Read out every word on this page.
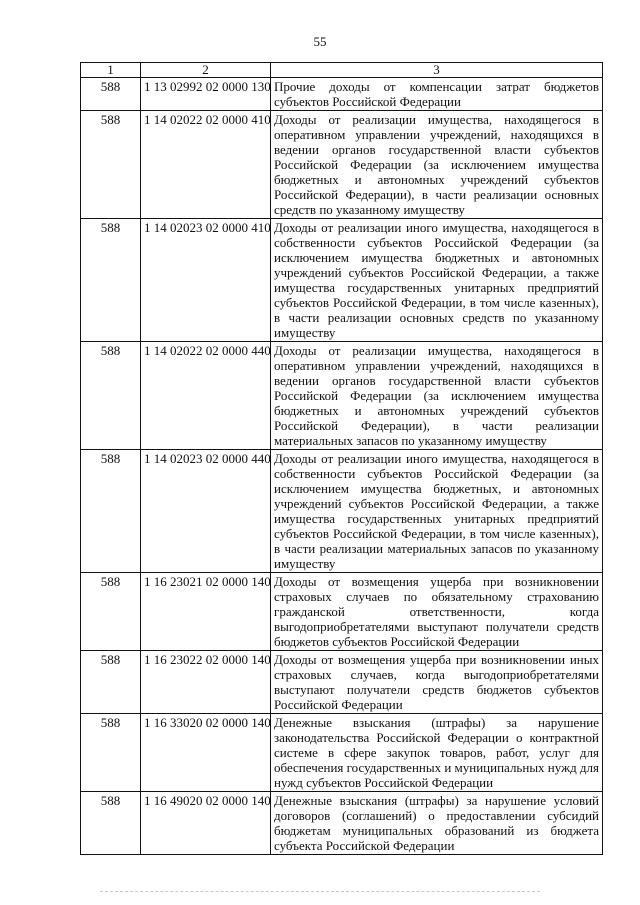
55
1	2	3
588	1 13 02992 02 0000 130	Прочие доходы от компенсации затрат бюджетов субъектов Российской Федерации
588	1 14 02022 02 0000 410	Доходы от реализации имущества, находящегося в оперативном управлении учреждений, находящихся в ведении органов государственной власти субъектов Российской Федерации (за исключением имущества бюджетных и автономных учреждений субъектов Российской Федерации), в части реализации основных средств по указанному имуществу
588	1 14 02023 02 0000 410	Доходы от реализации иного имущества, находящегося в собственности субъектов Российской Федерации (за исключением имущества бюджетных и автономных учреждений субъектов Российской Федерации, а также имущества государственных унитарных предприятий субъектов Российской Федерации, в том числе казенных), в части реализации основных средств по указанному имуществу
588	1 14 02022 02 0000 440	Доходы от реализации имущества, находящегося в оперативном управлении учреждений, находящихся в ведении органов государственной власти субъектов Российской Федерации (за исключением имущества бюджетных и автономных учреждений субъектов Российской Федерации), в части реализации материальных запасов по указанному имуществу
588	1 14 02023 02 0000 440	Доходы от реализации иного имущества, находящегося в собственности субъектов Российской Федерации (за исключением имущества бюджетных, и автономных учреждений субъектов Российской Федерации, а также имущества государственных унитарных предприятий субъектов Российской Федерации, в том числе казенных), в части реализации материальных запасов по указанному имуществу
588	1 16 23021 02 0000 140	Доходы от возмещения ущерба при возникновении страховых случаев по обязательному страхованию гражданской ответственности, когда выгодоприобретателями выступают получатели средств бюджетов субъектов Российской Федерации
588	1 16 23022 02 0000 140	Доходы от возмещения ущерба при возникновении иных страховых случаев, когда выгодоприобретателями выступают получатели средств бюджетов субъектов Российской Федерации
588	1 16 33020 02 0000 140	Денежные взыскания (штрафы) за нарушение законодательства Российской Федерации о контрактной системе в сфере закупок товаров, работ, услуг для обеспечения государственных и муниципальных нужд для нужд субъектов Российской Федерации
588	1 16 49020 02 0000 140	Денежные взыскания (штрафы) за нарушение условий договоров (соглашений) о предоставлении субсидий бюджетам муниципальных образований из бюджета субъекта Российской Федерации
